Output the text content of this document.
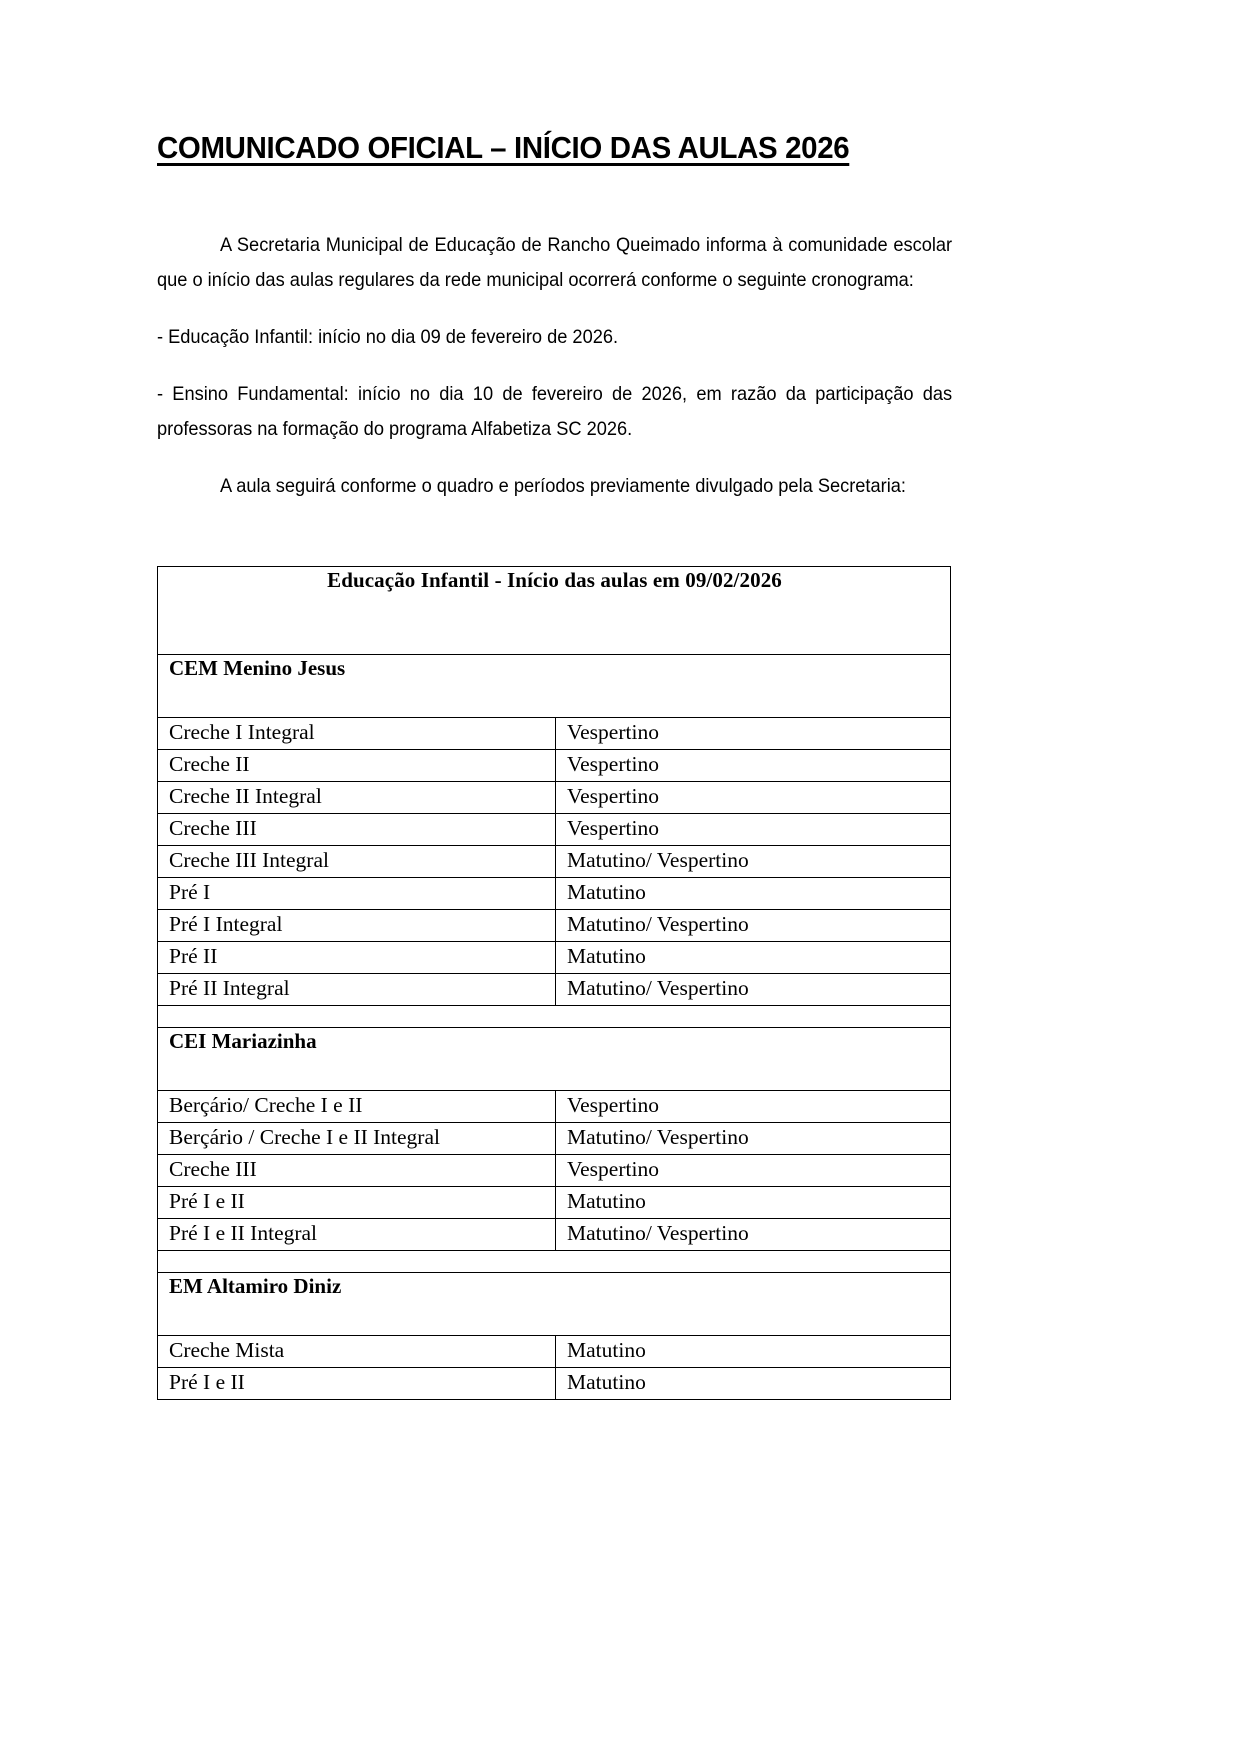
COMUNICADO OFICIAL – INÍCIO DAS AULAS 2026

A Secretaria Municipal de Educação de Rancho Queimado informa à comunidade escolar que o início das aulas regulares da rede municipal ocorrerá conforme o seguinte cronograma:

- Educação Infantil: início no dia 09 de fevereiro de 2026.

- Ensino Fundamental: início no dia 10 de fevereiro de 2026, em razão da participação das professoras na formação do programa Alfabetiza SC 2026.

A aula seguirá conforme o quadro e períodos previamente divulgado pela Secretaria:

Educação Infantil - Início das aulas em 09/02/2026	
CEM Menino Jesus	
Creche I Integral	Vespertino
Creche II	Vespertino
Creche II Integral	Vespertino
Creche III	Vespertino
Creche III Integral	Matutino/ Vespertino
Pré I	Matutino
Pré I Integral	Matutino/ Vespertino
Pré II	Matutino
Pré II Integral	Matutino/ Vespertino

CEI Mariazinha	
Berçário/ Creche I e II	Vespertino
Berçário / Creche I e II Integral	Matutino/ Vespertino
Creche III	Vespertino
Pré I e II	Matutino
Pré I e II Integral	Matutino/ Vespertino

EM Altamiro Diniz	
Creche Mista	Matutino
Pré I e II	Matutino
